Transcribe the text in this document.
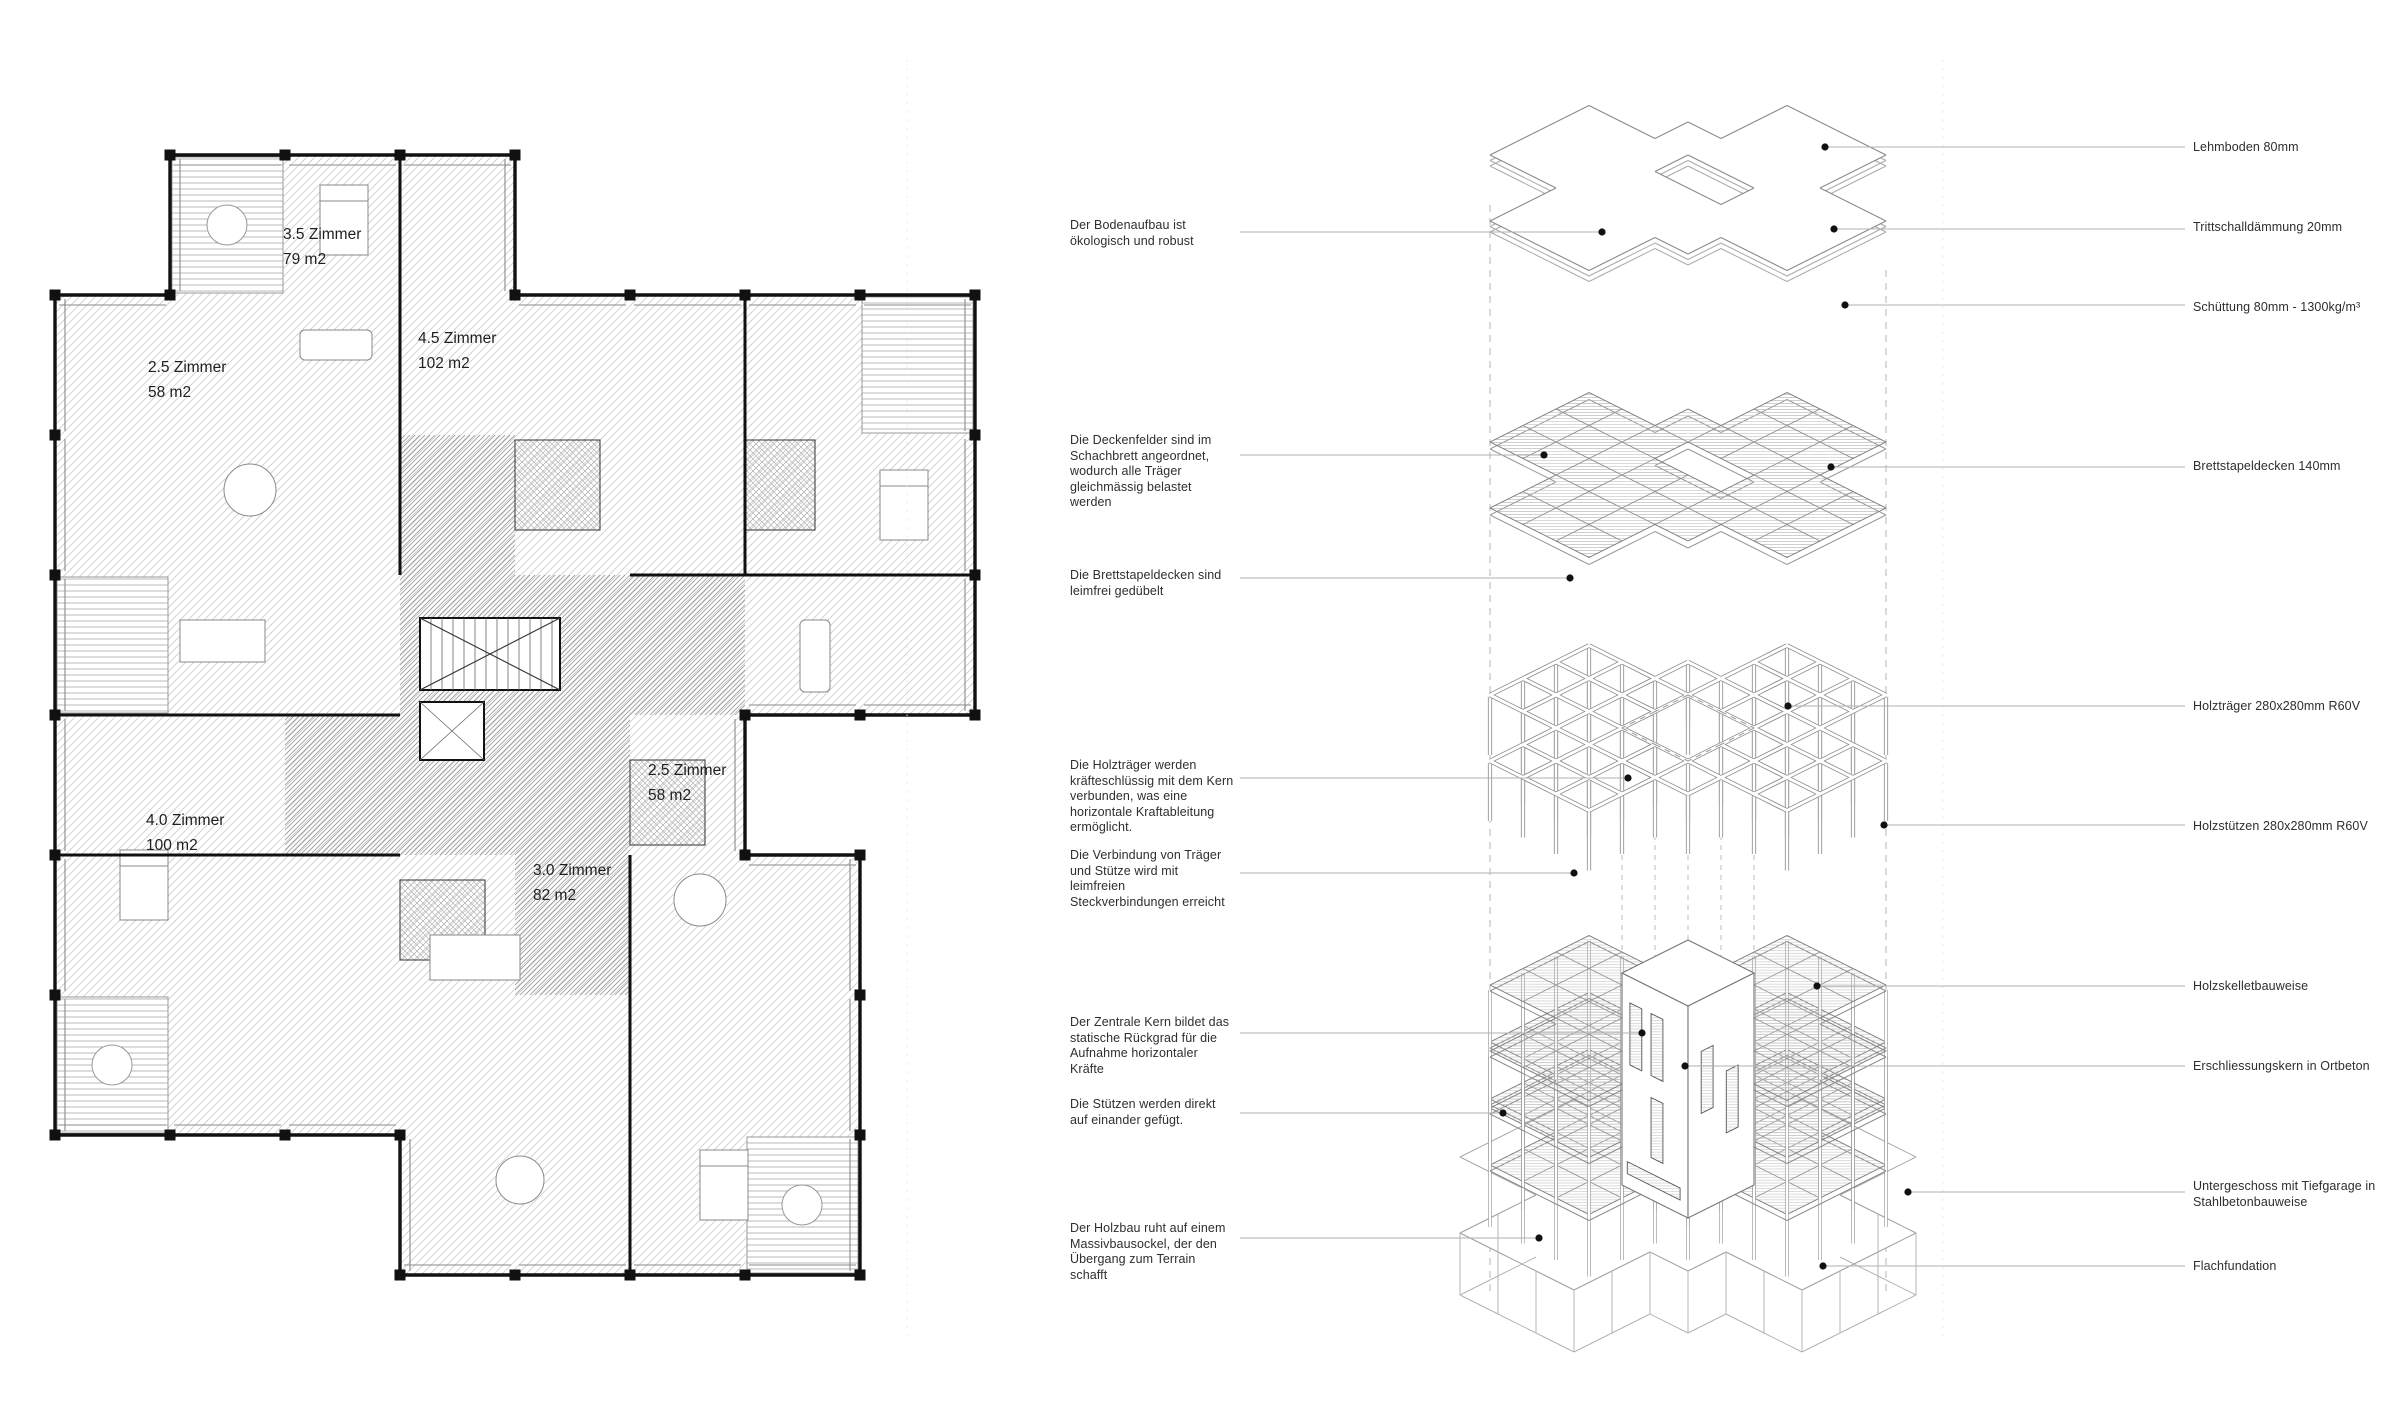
3.5 Zimmer
79 m2
2.5 Zimmer
58 m2
4.5 Zimmer
102 m2
4.0 Zimmer
100 m2
3.0 Zimmer
82 m2
2.5 Zimmer
58 m2
Der Bodenaufbau ist ökologisch und robust
Die Deckenfelder sind im Schachbrett angeordnet, wodurch alle Träger gleichmässig belastet werden
Die Brettstapeldecken sind leimfrei gedübelt
Die Holzträger werden kräfteschlüssig mit dem Kern verbunden, was eine horizontale Kraftableitung ermöglicht.
Die Verbindung von Träger und Stütze wird mit leimfreien Steckverbindungen erreicht
Der Zentrale Kern bildet das statische Rückgrad für die Aufnahme horizontaler Kräfte
Die Stützen werden direkt auf einander gefügt.
Der Holzbau ruht auf einem Massivbausockel, der den Übergang zum Terrain schafft
Lehmboden 80mm
Trittschalldämmung 20mm
Schüttung 80mm - 1300kg/m³
Brettstapeldecken 140mm
Holzträger 280x280mm R60V
Holzstützen 280x280mm R60V
Holzskelletbauweise
Erschliessungskern in Ortbeton
Untergeschoss mit Tiefgarage in Stahlbetonbauweise
Flachfundation
